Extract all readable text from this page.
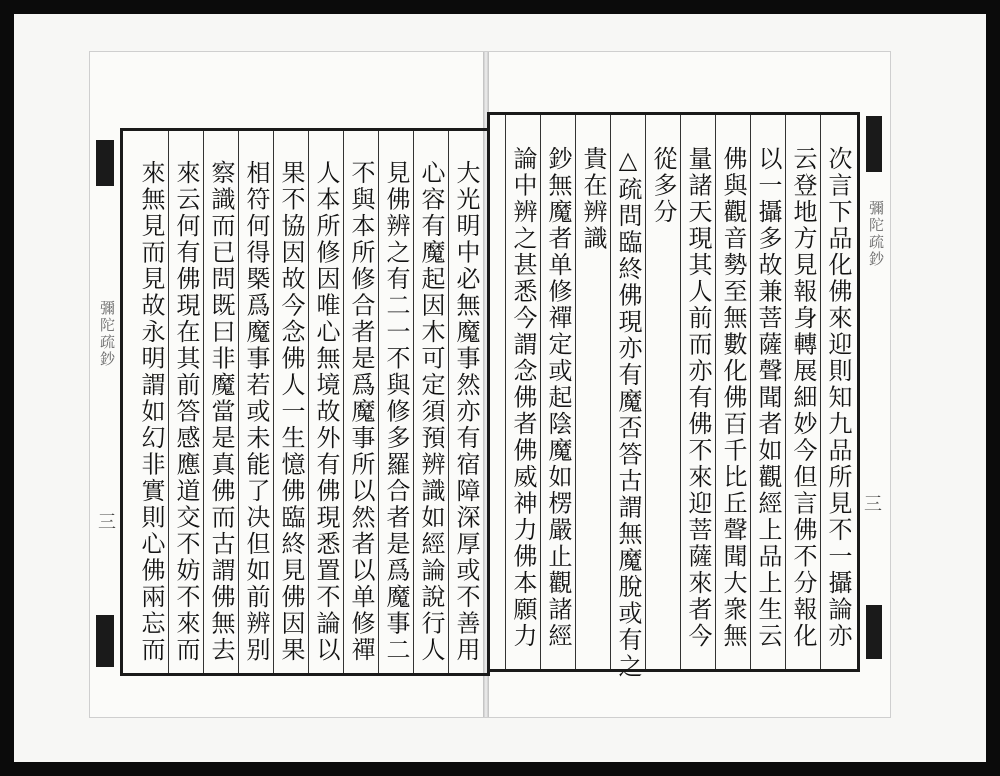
彌陀疏鈔
彌陀疏鈔
三
三
大光明中必無魔事然亦有宿障深厚或不善用
心容有魔起因木可定須預辨識如經論說行人
見佛辨之有二一不與修多羅合者是爲魔事二
不與本所修合者是爲魔事所以然者以单修禪
人本所修因唯心無境故外有佛現悉置不論以
果不協因故今念佛人一生憶佛臨終見佛因果
相符何得槩爲魔事若或未能了决但如前辨别
察識而已問既曰非魔當是真佛而古謂佛無去
來云何有佛現在其前答感應道交不妨不來而
來無見而見故永明謂如幻非實則心佛兩忘而	次言下品化佛來迎則知九品所見不一攝論亦
云登地方見報身轉展細妙今但言佛不分報化
以一攝多故兼菩薩聲聞者如觀經上品上生云
佛與觀音勢至無數化佛百千比丘聲聞大衆無
量諸天現其人前而亦有佛不來迎菩薩來者今
從多分
△疏問臨終佛現亦有魔否答古謂無魔脫或有之
貴在辨識
鈔無魔者单修禪定或起陰魔如楞嚴止觀諸經
論中辨之甚悉今謂念佛者佛威神力佛本願力
